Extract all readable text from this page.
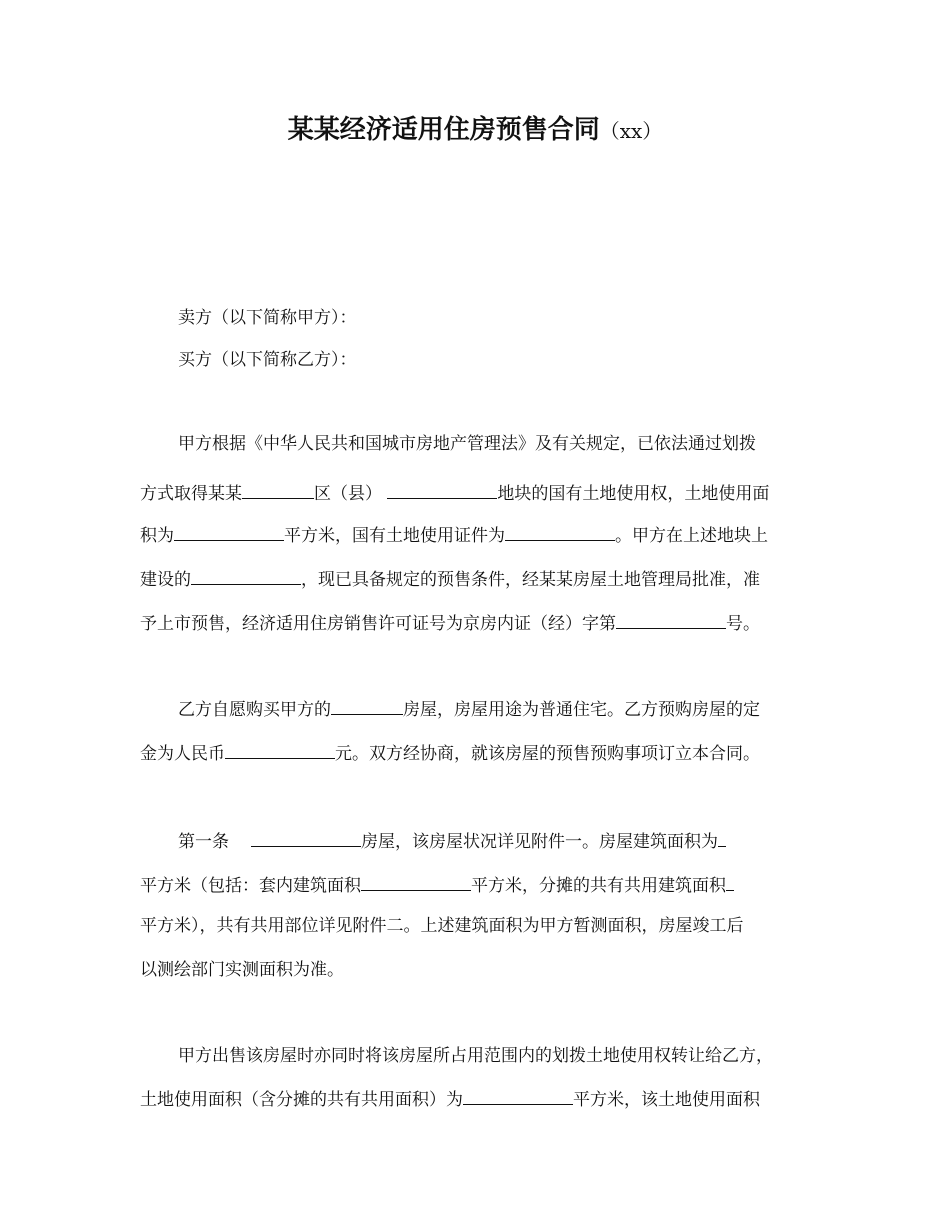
某某经济适用住房预售合同（xx）
卖方（以下简称甲方）：
买方（以下简称乙方）：
甲方根据《中华人民共和国城市房地产管理法》及有关规定，已依法通过划拨
方式取得某某	区（县）	地块的国有土地使用权，土地使用面
积为	平方米，国有土地使用证件为	。甲方在上述地块上
建设的	，现已具备规定的预售条件，经某某房屋土地管理局批准，准
予上市预售，经济适用住房销售许可证号为京房内证（经）字第	号。
乙方自愿购买甲方的	房屋，房屋用途为普通住宅。乙方预购房屋的定
金为人民币	元。双方经协商，就该房屋的预售预购事项订立本合同。
第一条	房屋，该房屋状况详见附件一。房屋建筑面积为
平方米（包括：套内建筑面积	平方米，分摊的共有共用建筑面积
平方米），共有共用部位详见附件二。上述建筑面积为甲方暂测面积，房屋竣工后
以测绘部门实测面积为准。
甲方出售该房屋时亦同时将该房屋所占用范围内的划拨土地使用权转让给乙方，
土地使用面积（含分摊的共有共用面积）为	平方米，该土地使用面积
